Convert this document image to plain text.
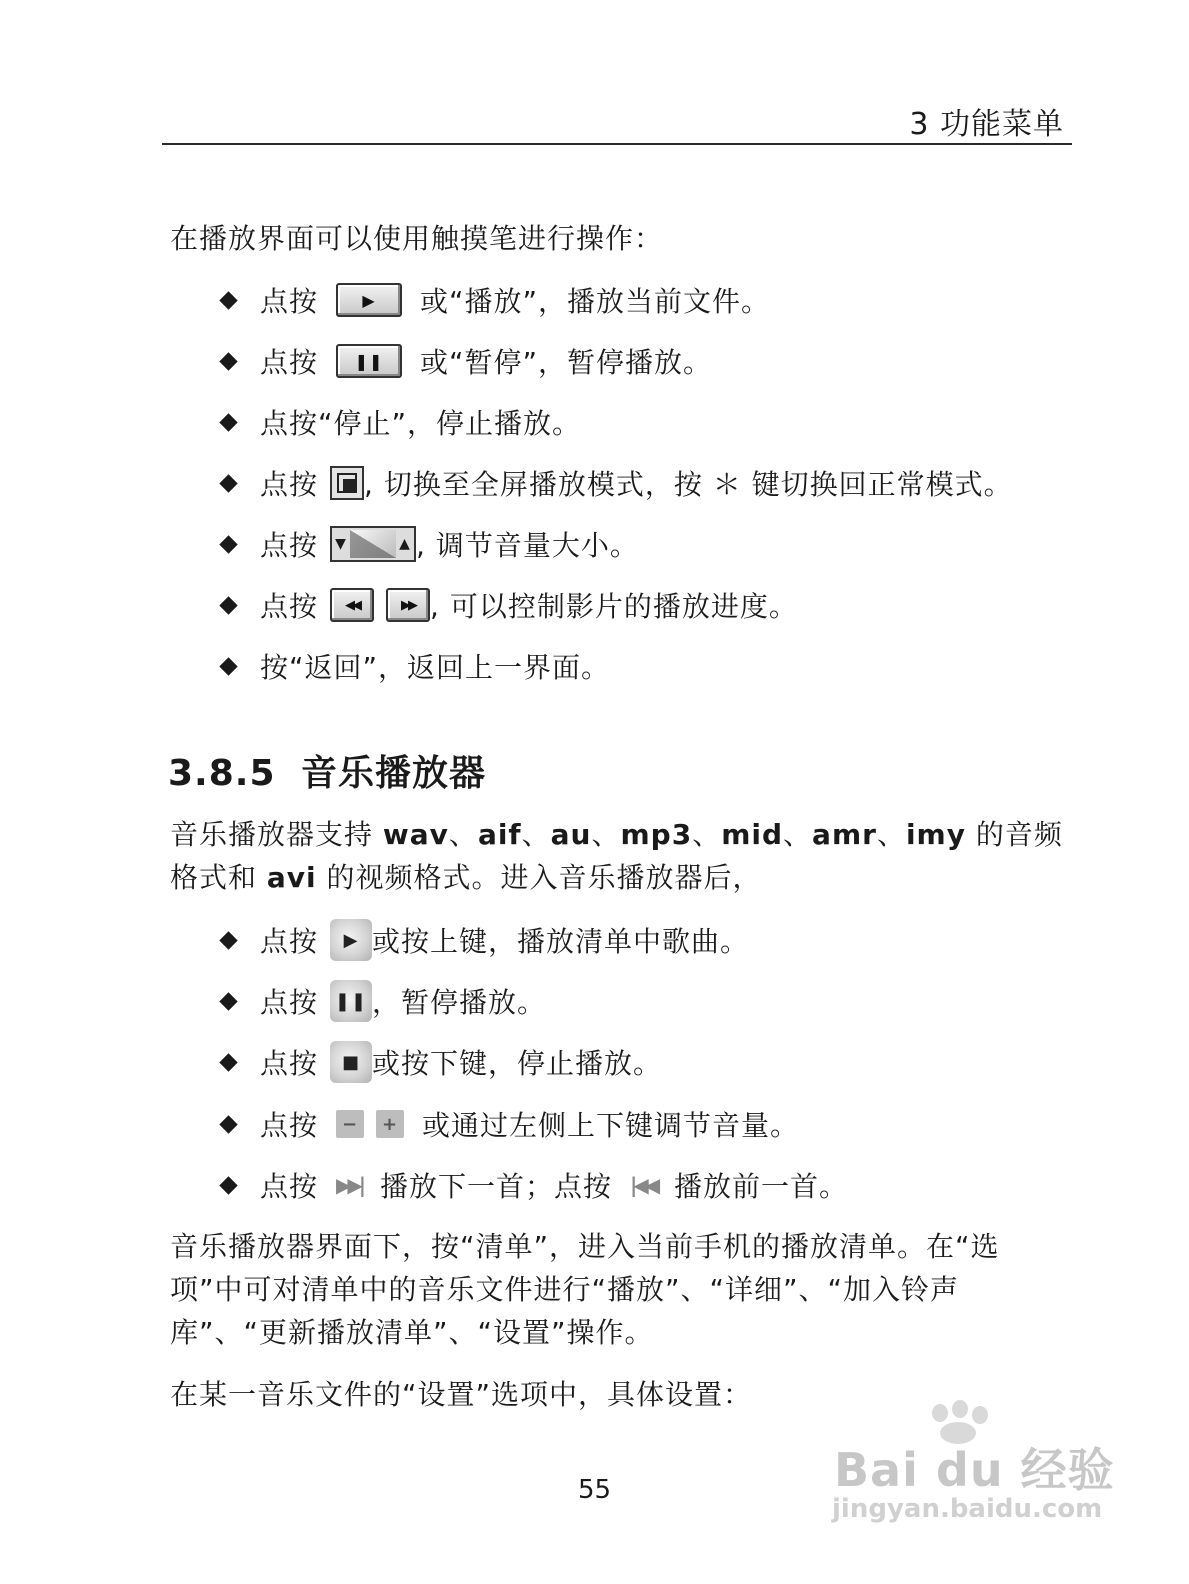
3 功能菜单
在播放界面可以使用触摸笔进行操作：
点按	▶	或“播放”，播放当前文件。
点按	❚❚	或“暂停”，暂停播放。
点按“停止”，停止播放。
点按 , 切换至全屏播放模式，按 ＊ 键切换回正常模式。
点按 ▼	▲ , 调节音量大小。
点按	◀◀	▶▶ , 可以控制影片的播放进度。
按“返回”，返回上一界面。
3.8.5 音乐播放器
音乐播放器支持 wav、aif、au、mp3、mid、amr、imy 的音频格式和 avi 的视频格式。进入音乐播放器后，
点按	▶ 或按上键，播放清单中歌曲。
点按 ❚❚ ，暂停播放。
点按	■ 或按下键，停止播放。
点按	−	+ 或通过左侧上下键调节音量。
点按 ▶▶| 播放下一首；点按 |◀◀ 播放前一首。
音乐播放器界面下，按“清单”，进入当前手机的播放清单。在“选项”中可对清单中的音乐文件进行“播放”、“详细”、“加入铃声库”、“更新播放清单”、“设置”操作。
在某一音乐文件的“设置”选项中，具体设置：
55	Bai du 经验
jingyan.baidu.com
